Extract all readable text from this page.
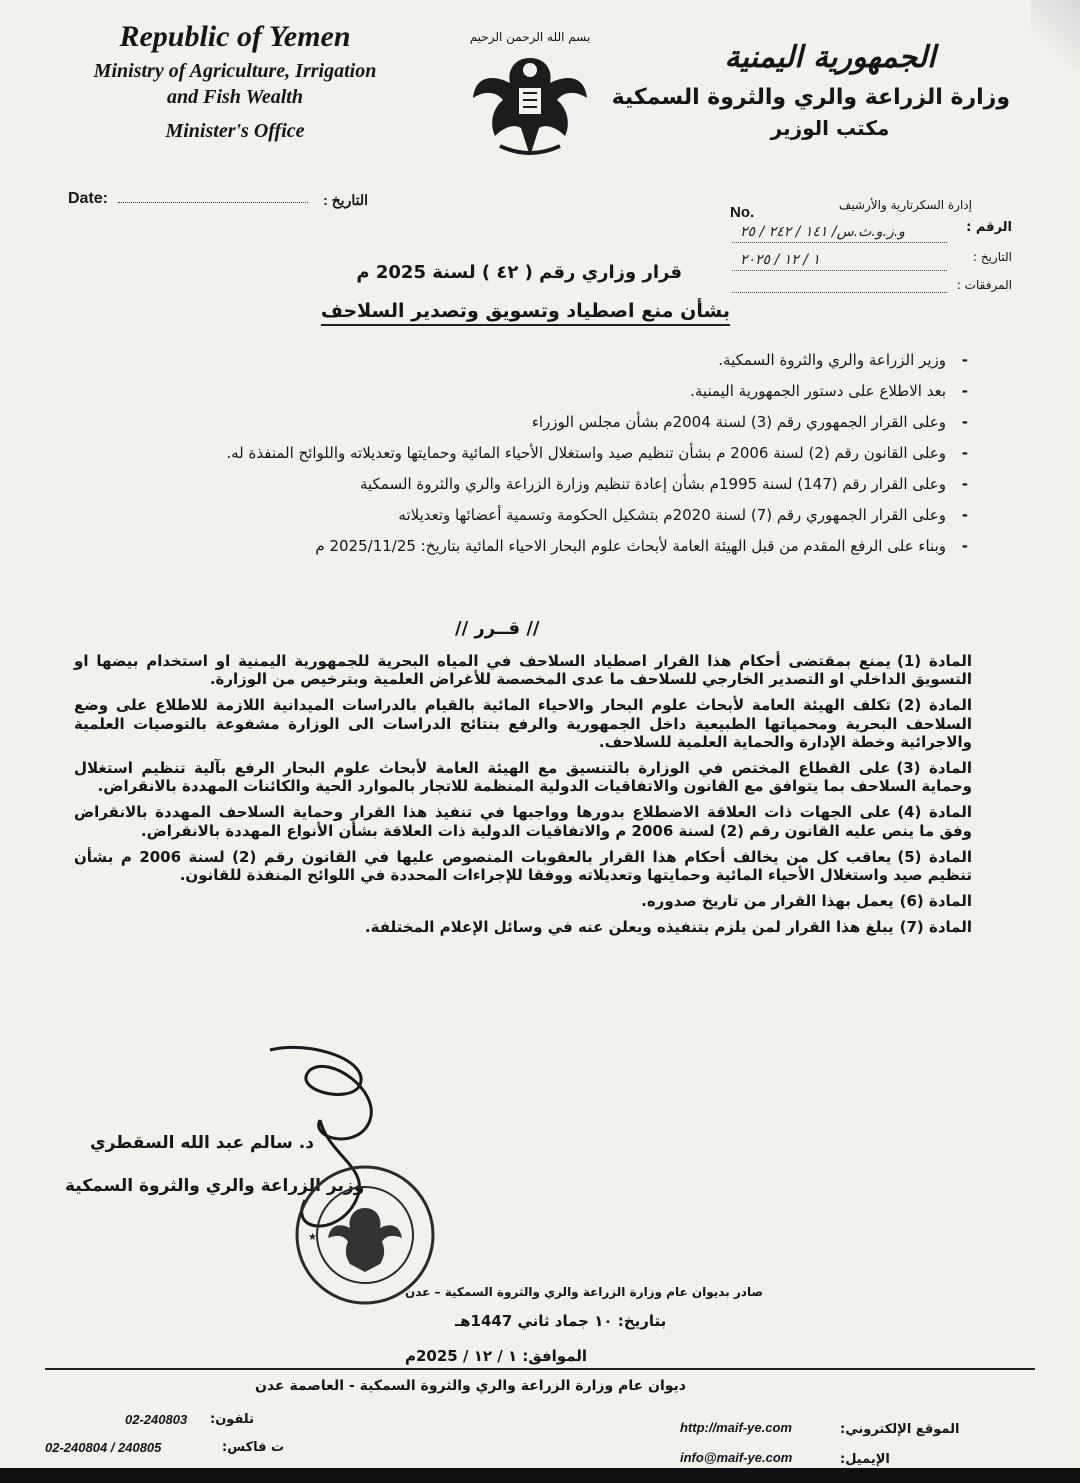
Republic of Yemen
Ministry of Agriculture, Irrigation
and Fish Wealth
Minister's Office
بسم الله الرحمن الرحيم
الجمهورية اليمنية
وزارة الزراعة والري والثروة السمكية
مكتب الوزير
Date:	التاريخ :	إدارة السكرتارية والأرشيف
No.
الرقم :
و.ز.و.ث.س/ ١٤١ / ٢٤٢ / ٢٥
التاريخ :
١ / ١٢ / ٢٠٢٥
المرفقات :
قرار وزاري رقم ( ٤٢ ) لسنة 2025 م
بشأن منع اصطياد وتسويق وتصدير السلاحف
- وزير الزراعة والري والثروة السمكية.
- بعد الاطلاع على دستور الجمهورية اليمنية.
- وعلى القرار الجمهوري رقم (3) لسنة 2004م بشأن مجلس الوزراء
- وعلى القانون رقم (2) لسنة 2006 م بشأن تنظيم صيد واستغلال الأحياء المائية وحمايتها وتعديلاته واللوائح المنفذة له.
- وعلى القرار رقم (147) لسنة 1995م بشأن إعادة تنظيم وزارة الزراعة والري والثروة السمكية
- وعلى القرار الجمهوري رقم (7) لسنة 2020م بتشكيل الحكومة وتسمية أعضائها وتعديلاته
- وبناء على الرفع المقدم من قبل الهيئة العامة لأبحاث علوم البحار الاحياء المائية بتاريخ: 2025/11/25 م
// قــرر //

المادة (1)يمنع بمقتضى أحكام هذا القرار اصطياد السلاحف في المياه البحرية للجمهورية اليمنية او استخدام بيضها او التسويق الداخلي او التصدير الخارجي للسلاحف ما عدى المخصصة للأغراض العلمية وبترخيص من الوزارة.

المادة (2)تكلف الهيئة العامة لأبحاث علوم البحار والاحياء المائية بالقيام بالدراسات الميدانية اللازمة للاطلاع على وضع السلاحف البحرية ومحمياتها الطبيعية داخل الجمهورية والرفع بنتائج الدراسات الى الوزارة مشفوعة بالتوصيات العلمية والاجرائية وخطة الإدارة والحماية العلمية للسلاحف.

المادة (3)على القطاع المختص في الوزارة بالتنسيق مع الهيئة العامة لأبحاث علوم البحار الرفع بآلية تنظيم استغلال وحماية السلاحف بما يتوافق مع القانون والاتفاقيات الدولية المنظمة للاتجار بالموارد الحية والكائنات المهددة بالانقراض.

المادة (4)على الجهات ذات العلاقة الاضطلاع بدورها وواجبها في تنفيذ هذا القرار وحماية السلاحف المهددة بالانقراض وفق ما ينص عليه القانون رقم (2) لسنة 2006 م والاتفاقيات الدولية ذات العلاقة بشأن الأنواع المهددة بالانقراض.

المادة (5)يعاقب كل من يخالف أحكام هذا القرار بالعقوبات المنصوص عليها في القانون رقم (2) لسنة 2006 م بشأن تنظيم صيد واستغلال الأحياء المائية وحمايتها وتعديلاته ووفقا للإجراءات المحددة في اللوائح المنفذة للقانون.

المادة (6)يعمل بهذا القرار من تاريخ صدوره.

المادة (7)يبلغ هذا القرار لمن يلزم بتنفيذه ويعلن عنه في وسائل الإعلام المختلفة.

د. سالم عبد الله السقطري
وزير الزراعة والري والثروة السمكية
★
صادر بديوان عام وزارة الزراعة والري والثروة السمكية – عدن
بتاريخ: ١٠ جماد ثاني 1447هـ
الموافق: ١ / ١٢ / 2025م
ديوان عام وزارة الزراعة والري والثروة السمكية - العاصمة عدن
تلفون:
02-240803
ت فاكس:
02-240804 / 240805
الموقع الإلكتروني:
http://maif-ye.com
الإيميل:
info@maif-ye.com
